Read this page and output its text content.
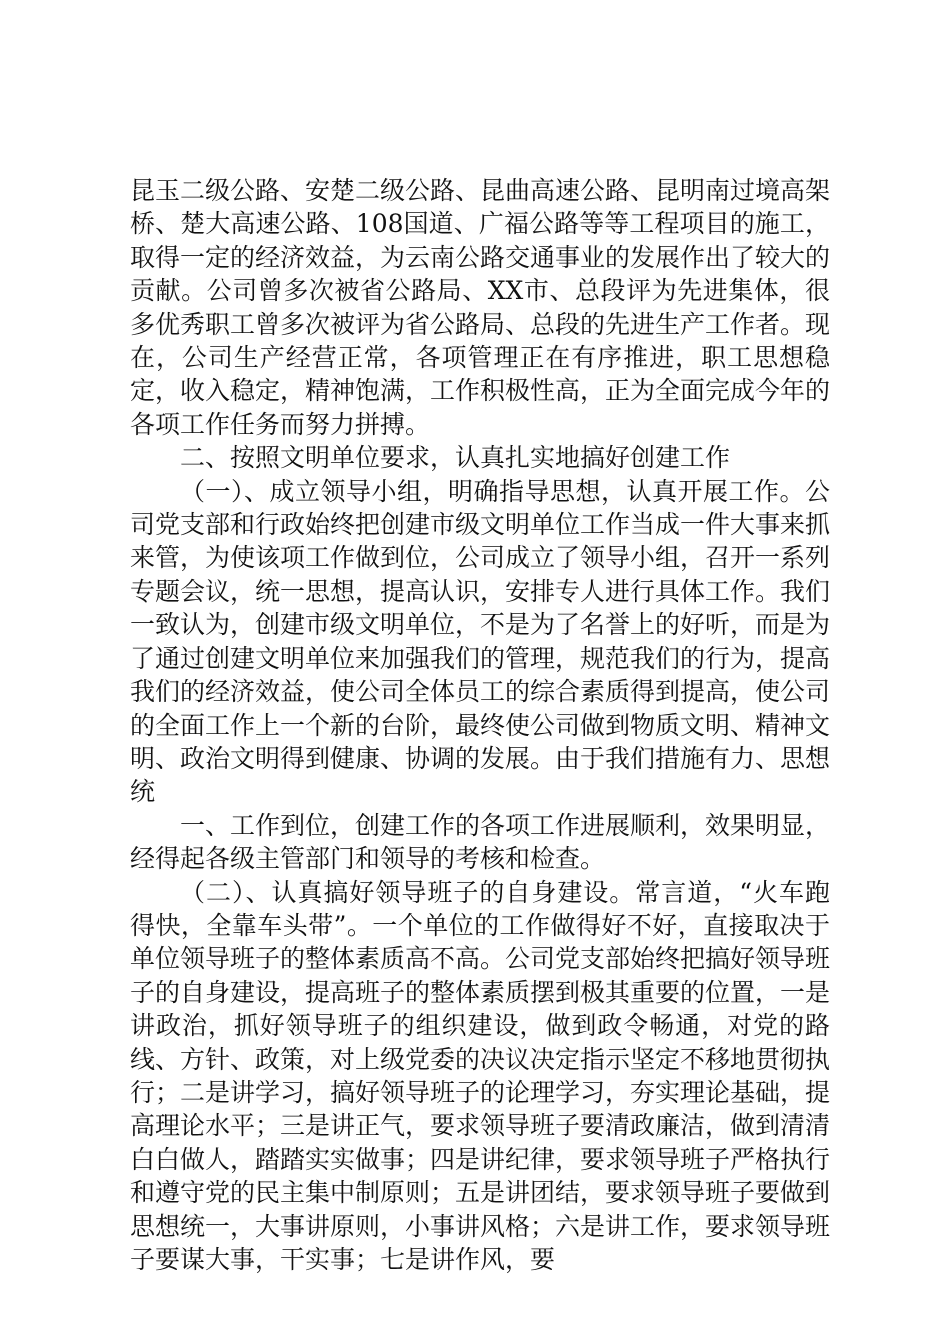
昆玉二级公路、安楚二级公路、昆曲高速公路、昆明南过境高架桥、楚大高速公路、108国道、广福公路等等工程项目的施工，取得一定的经济效益，为云南公路交通事业的发展作出了较大的贡献。公司曾多次被省公路局、XX市、总段评为先进集体，很多优秀职工曾多次被评为省公路局、总段的先进生产工作者。现在，公司生产经营正常，各项管理正在有序推进，职工思想稳定，收入稳定，精神饱满，工作积极性高，正为全面完成今年的各项工作任务而努力拼搏。

二、按照文明单位要求，认真扎实地搞好创建工作

（一）、成立领导小组，明确指导思想，认真开展工作。公司党支部和行政始终把创建市级文明单位工作当成一件大事来抓来管，为使该项工作做到位，公司成立了领导小组，召开一系列专题会议，统一思想，提高认识，安排专人进行具体工作。我们一致认为，创建市级文明单位，不是为了名誉上的好听，而是为了通过创建文明单位来加强我们的管理，规范我们的行为，提高我们的经济效益，使公司全体员工的综合素质得到提高，使公司的全面工作上一个新的台阶，最终使公司做到物质文明、精神文明、政治文明得到健康、协调的发展。由于我们措施有力、思想统

一、工作到位，创建工作的各项工作进展顺利，效果明显，经得起各级主管部门和领导的考核和检查。

（二）、认真搞好领导班子的自身建设。常言道，“火车跑得快，全靠车头带”。一个单位的工作做得好不好，直接取决于单位领导班子的整体素质高不高。公司党支部始终把搞好领导班子的自身建设，提高班子的整体素质摆到极其重要的位置，一是讲政治，抓好领导班子的组织建设，做到政令畅通，对党的路线、方针、政策，对上级党委的决议决定指示坚定不移地贯彻执行；二是讲学习，搞好领导班子的论理学习，夯实理论基础，提高理论水平；三是讲正气，要求领导班子要清政廉洁，做到清清白白做人，踏踏实实做事；四是讲纪律，要求领导班子严格执行和遵守党的民主集中制原则；五是讲团结，要求领导班子要做到思想统一，大事讲原则，小事讲风格；六是讲工作，要求领导班子要谋大事，干实事；七是讲作风，要
